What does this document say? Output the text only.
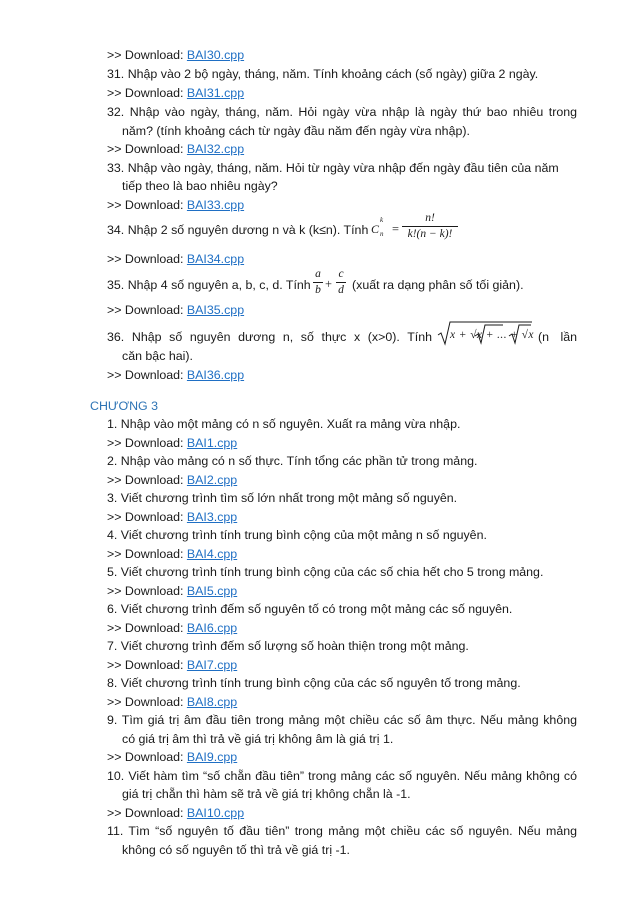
>> Download: BAI30.cpp
31. Nhập vào 2 bộ ngày, tháng, năm. Tính khoảng cách (số ngày) giữa 2 ngày.
>> Download: BAI31.cpp
32. Nhập vào ngày, tháng, năm. Hỏi ngày vừa nhập là ngày thứ bao nhiêu trong
năm? (tính khoảng cách từ ngày đầu năm đến ngày vừa nhập).
>> Download: BAI32.cpp
33. Nhập vào ngày, tháng, năm. Hỏi từ ngày vừa nhập đến ngày đầu tiên của năm
tiếp theo là bao nhiêu ngày?
>> Download: BAI33.cpp
34. Nhập 2 số nguyên dương n và k (k≤n). Tính C
k
n =
n!
k!(n − k)!
>> Download: BAI34.cpp
35. Nhập 4 số nguyên a, b, c, d. Tính
a
b +
c
d (xuất ra dạng phân số tối giản).
>> Download: BAI35.cpp
36. Nhập số nguyên dương n, số thực x (x>0). Tính x + √x + ... + √x (n lần
căn bậc hai).
>> Download: BAI36.cpp
CHƯƠNG 3
1. Nhập vào một mảng có n số nguyên. Xuất ra mảng vừa nhập.
>> Download: BAI1.cpp
2. Nhập vào mảng có n số thực. Tính tổng các phần tử trong mảng.
>> Download: BAI2.cpp
3. Viết chương trình tìm số lớn nhất trong một mảng số nguyên.
>> Download: BAI3.cpp
4. Viết chương trình tính trung bình cộng của một mảng n số nguyên.
>> Download: BAI4.cpp
5. Viết chương trình tính trung bình cộng của các số chia hết cho 5 trong mảng.
>> Download: BAI5.cpp
6. Viết chương trình đếm số nguyên tố có trong một mảng các số nguyên.
>> Download: BAI6.cpp
7. Viết chương trình đếm số lượng số hoàn thiện trong một mảng.
>> Download: BAI7.cpp
8. Viết chương trình tính trung bình cộng của các số nguyên tố trong mảng.
>> Download: BAI8.cpp
9. Tìm giá trị âm đầu tiên trong mảng một chiều các số âm thực. Nếu mảng không
có giá trị âm thì trả về giá trị không âm là giá trị 1.
>> Download: BAI9.cpp
10. Viết hàm tìm “số chẵn đầu tiên” trong mảng các số nguyên. Nếu mảng không có
giá trị chẵn thì hàm sẽ trả về giá trị không chẵn là -1.
>> Download: BAI10.cpp
11. Tìm “số nguyên tố đầu tiên” trong mảng một chiều các số nguyên. Nếu mảng
không có số nguyên tố thì trả về giá trị -1.
